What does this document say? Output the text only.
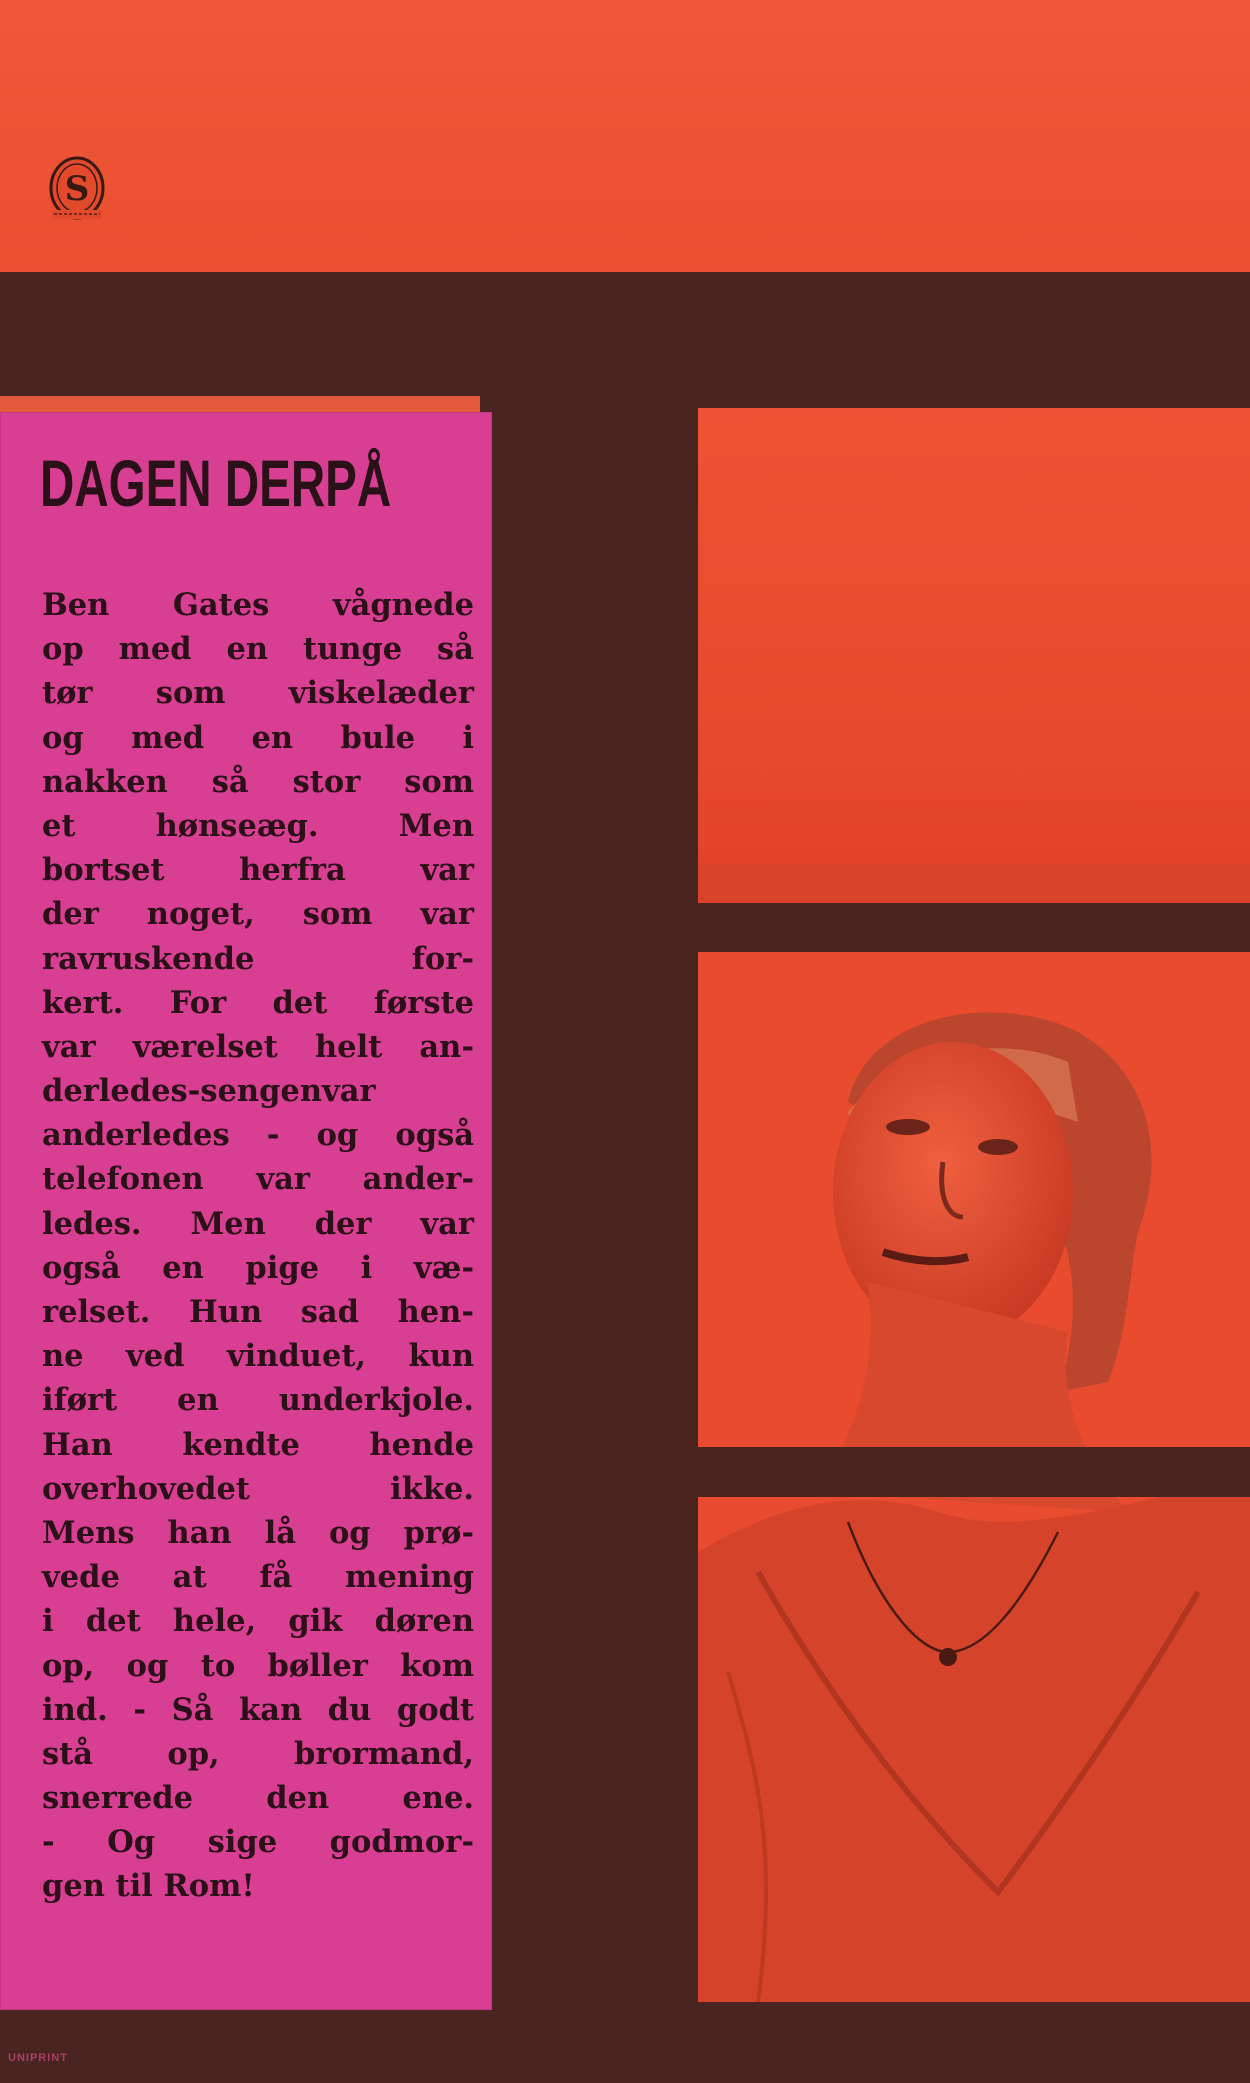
S
DAGEN DERPÅ
Ben Gates vågnede
op med en tunge så
tør som viskelæder
og med en bule i
nakken så stor som
et hønseæg. Men
bortset herfra var
der noget, som var
ravruskende for-
kert. For det første
var værelset helt an-
derledes-sengenvar
anderledes - og også
telefonen var ander-
ledes. Men der var
også en pige i væ-
relset. Hun sad hen-
ne ved vinduet, kun
iført en underkjole.
Han kendte hende
overhovedet ikke.
Mens han lå og prø-
vede at få mening
i det hele, gik døren
op, og to bøller kom
ind. - Så kan du godt
stå op, brormand,
snerrede den ene.
- Og sige godmor-
gen til Rom!
UNIPRINT
